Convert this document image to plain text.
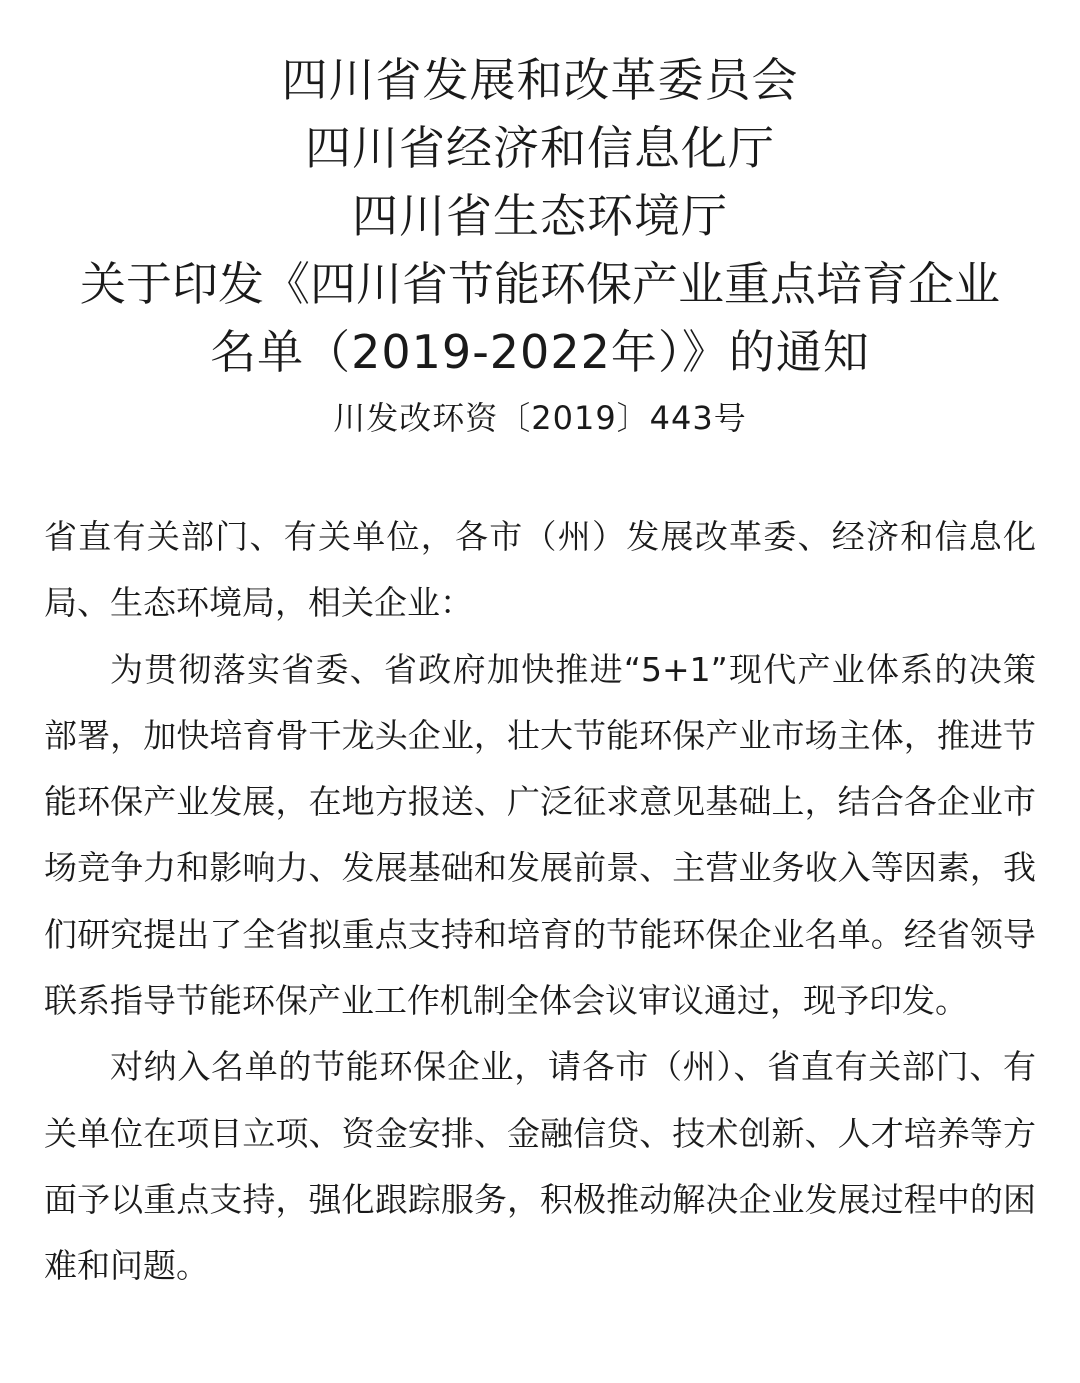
四川省发展和改革委员会
四川省经济和信息化厅
四川省生态环境厅
关于印发《四川省节能环保产业重点培育企业
名单（2019-2022年）》的通知
川发改环资〔2019〕443号

省直有关部门、有关单位，各市（州）发展改革委、经济和信息化局、生态环境局，相关企业：

为贯彻落实省委、省政府加快推进“5+1”现代产业体系的决策部署，加快培育骨干龙头企业，壮大节能环保产业市场主体，推进节能环保产业发展，在地方报送、广泛征求意见基础上，结合各企业市场竞争力和影响力、发展基础和发展前景、主营业务收入等因素，我们研究提出了全省拟重点支持和培育的节能环保企业名单。经省领导联系指导节能环保产业工作机制全体会议审议通过，现予印发。

对纳入名单的节能环保企业，请各市（州）、省直有关部门、有关单位在项目立项、资金安排、金融信贷、技术创新、人才培养等方面予以重点支持，强化跟踪服务，积极推动解决企业发展过程中的困难和问题。
